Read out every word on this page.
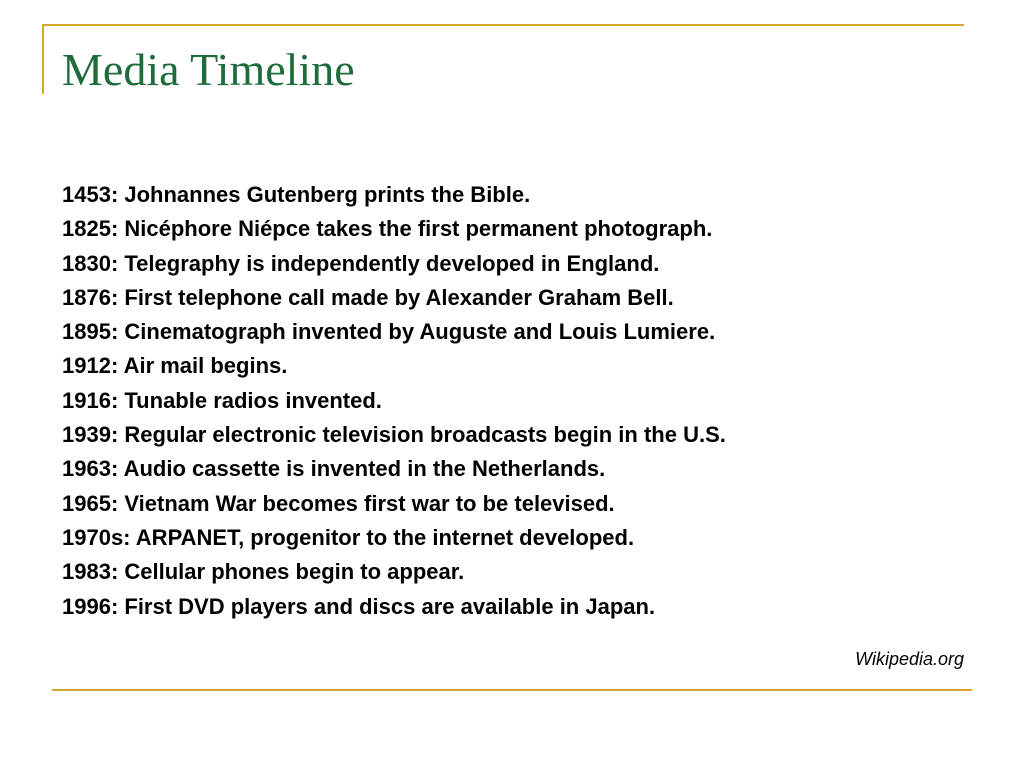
Media Timeline
1453: Johnannes Gutenberg prints the Bible.
1825: Nicéphore Niépce takes the first permanent photograph.
1830: Telegraphy is independently developed in England.
1876: First telephone call made by Alexander Graham Bell.
1895: Cinematograph invented by Auguste and Louis Lumiere.
1912: Air mail begins.
1916: Tunable radios invented.
1939: Regular electronic television broadcasts begin in the U.S.
1963: Audio cassette is invented in the Netherlands.
1965: Vietnam War becomes first war to be televised.
1970s: ARPANET, progenitor to the internet developed.
1983: Cellular phones begin to appear.
1996: First DVD players and discs are available in Japan.
Wikipedia.org
